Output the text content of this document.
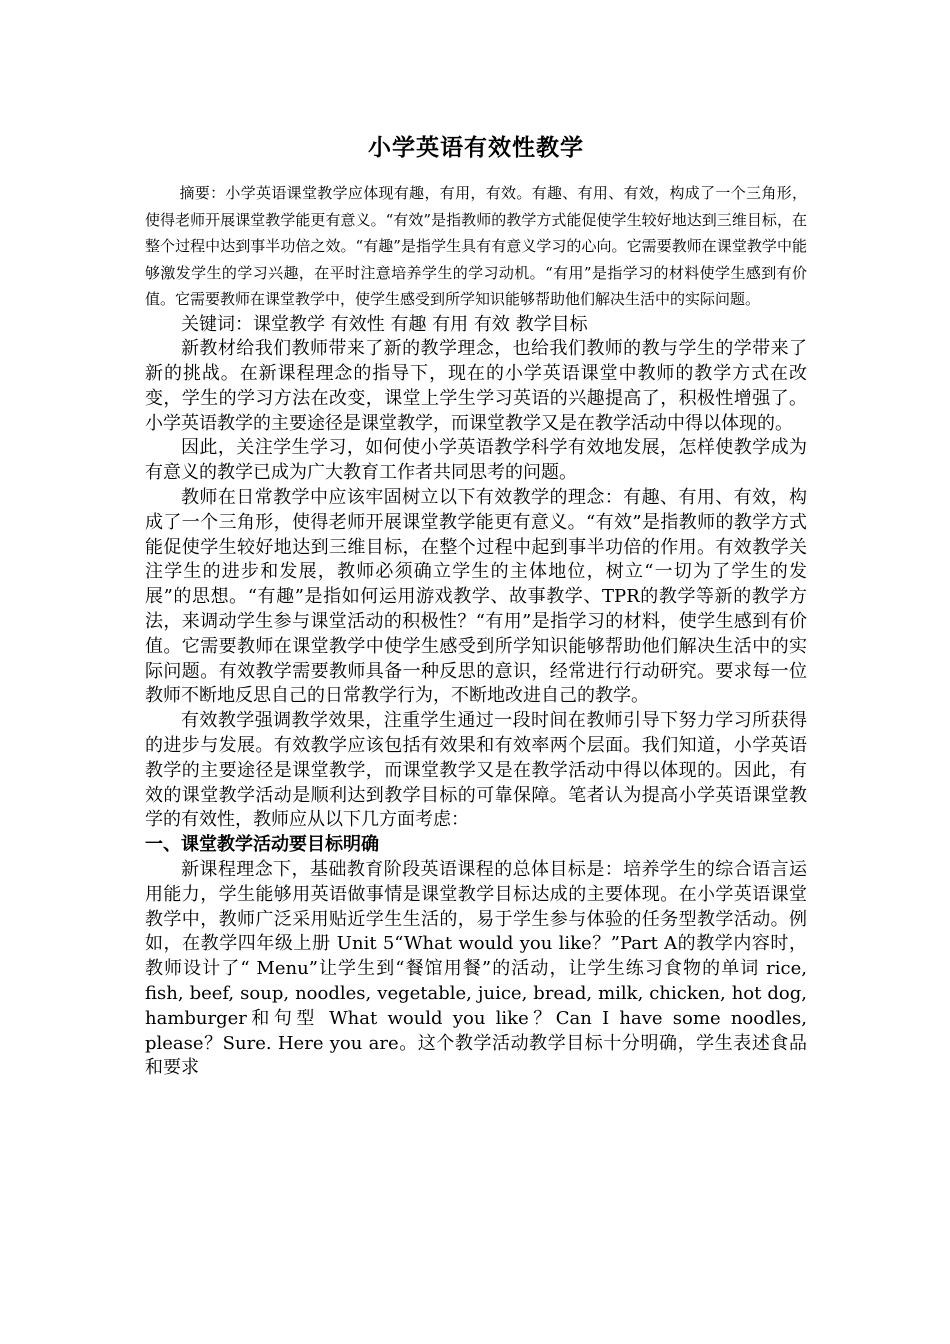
小学英语有效性教学

摘要：小学英语课堂教学应体现有趣，有用，有效。有趣、有用、有效，构成了一个三角形，使得老师开展课堂教学能更有意义。“有效”是指教师的教学方式能促使学生较好地达到三维目标，在整个过程中达到事半功倍之效。“有趣”是指学生具有有意义学习的心向。它需要教师在课堂教学中能够激发学生的学习兴趣，在平时注意培养学生的学习动机。“有用”是指学习的材料使学生感到有价值。它需要教师在课堂教学中，使学生感受到所学知识能够帮助他们解决生活中的实际问题。

关键词：课堂教学 有效性 有趣 有用 有效 教学目标

新教材给我们教师带来了新的教学理念，也给我们教师的教与学生的学带来了新的挑战。在新课程理念的指导下，现在的小学英语课堂中教师的教学方式在改变，学生的学习方法在改变，课堂上学生学习英语的兴趣提高了，积极性增强了。小学英语教学的主要途径是课堂教学，而课堂教学又是在教学活动中得以体现的。

因此，关注学生学习，如何使小学英语教学科学有效地发展，怎样使教学成为有意义的教学已成为广大教育工作者共同思考的问题。

教师在日常教学中应该牢固树立以下有效教学的理念：有趣、有用、有效，构成了一个三角形，使得老师开展课堂教学能更有意义。“有效”是指教师的教学方式能促使学生较好地达到三维目标，在整个过程中起到事半功倍的作用。有效教学关注学生的进步和发展，教师必须确立学生的主体地位，树立“一切为了学生的发展”的思想。“有趣”是指如何运用游戏教学、故事教学、TPR的教学等新的教学方法，来调动学生参与课堂活动的积极性？“有用”是指学习的材料，使学生感到有价值。它需要教师在课堂教学中使学生感受到所学知识能够帮助他们解决生活中的实际问题。有效教学需要教师具备一种反思的意识，经常进行行动研究。要求每一位教师不断地反思自己的日常教学行为，不断地改进自己的教学。

有效教学强调教学效果，注重学生通过一段时间在教师引导下努力学习所获得的进步与发展。有效教学应该包括有效果和有效率两个层面。我们知道，小学英语教学的主要途径是课堂教学，而课堂教学又是在教学活动中得以体现的。因此，有效的课堂教学活动是顺利达到教学目标的可靠保障。笔者认为提高小学英语课堂教学的有效性，教师应从以下几方面考虑：

一、课堂教学活动要目标明确

新课程理念下，基础教育阶段英语课程的总体目标是：培养学生的综合语言运用能力，学生能够用英语做事情是课堂教学目标达成的主要体现。在小学英语课堂教学中，教师广泛采用贴近学生生活的，易于学生参与体验的任务型教学活动。例如，在教学四年级上册 Unit 5“What would you like？”Part A的教学内容时，教师设计了“ Menu”让学生到“餐馆用餐”的活动，让学生练习食物的单词 rice, fish, beef, soup, noodles, vegetable, juice, bread, milk, chicken, hot dog, hamburger和句型 What would you like？Can I have some noodles, please？Sure. Here you are。这个教学活动教学目标十分明确，学生表述食品和要求
